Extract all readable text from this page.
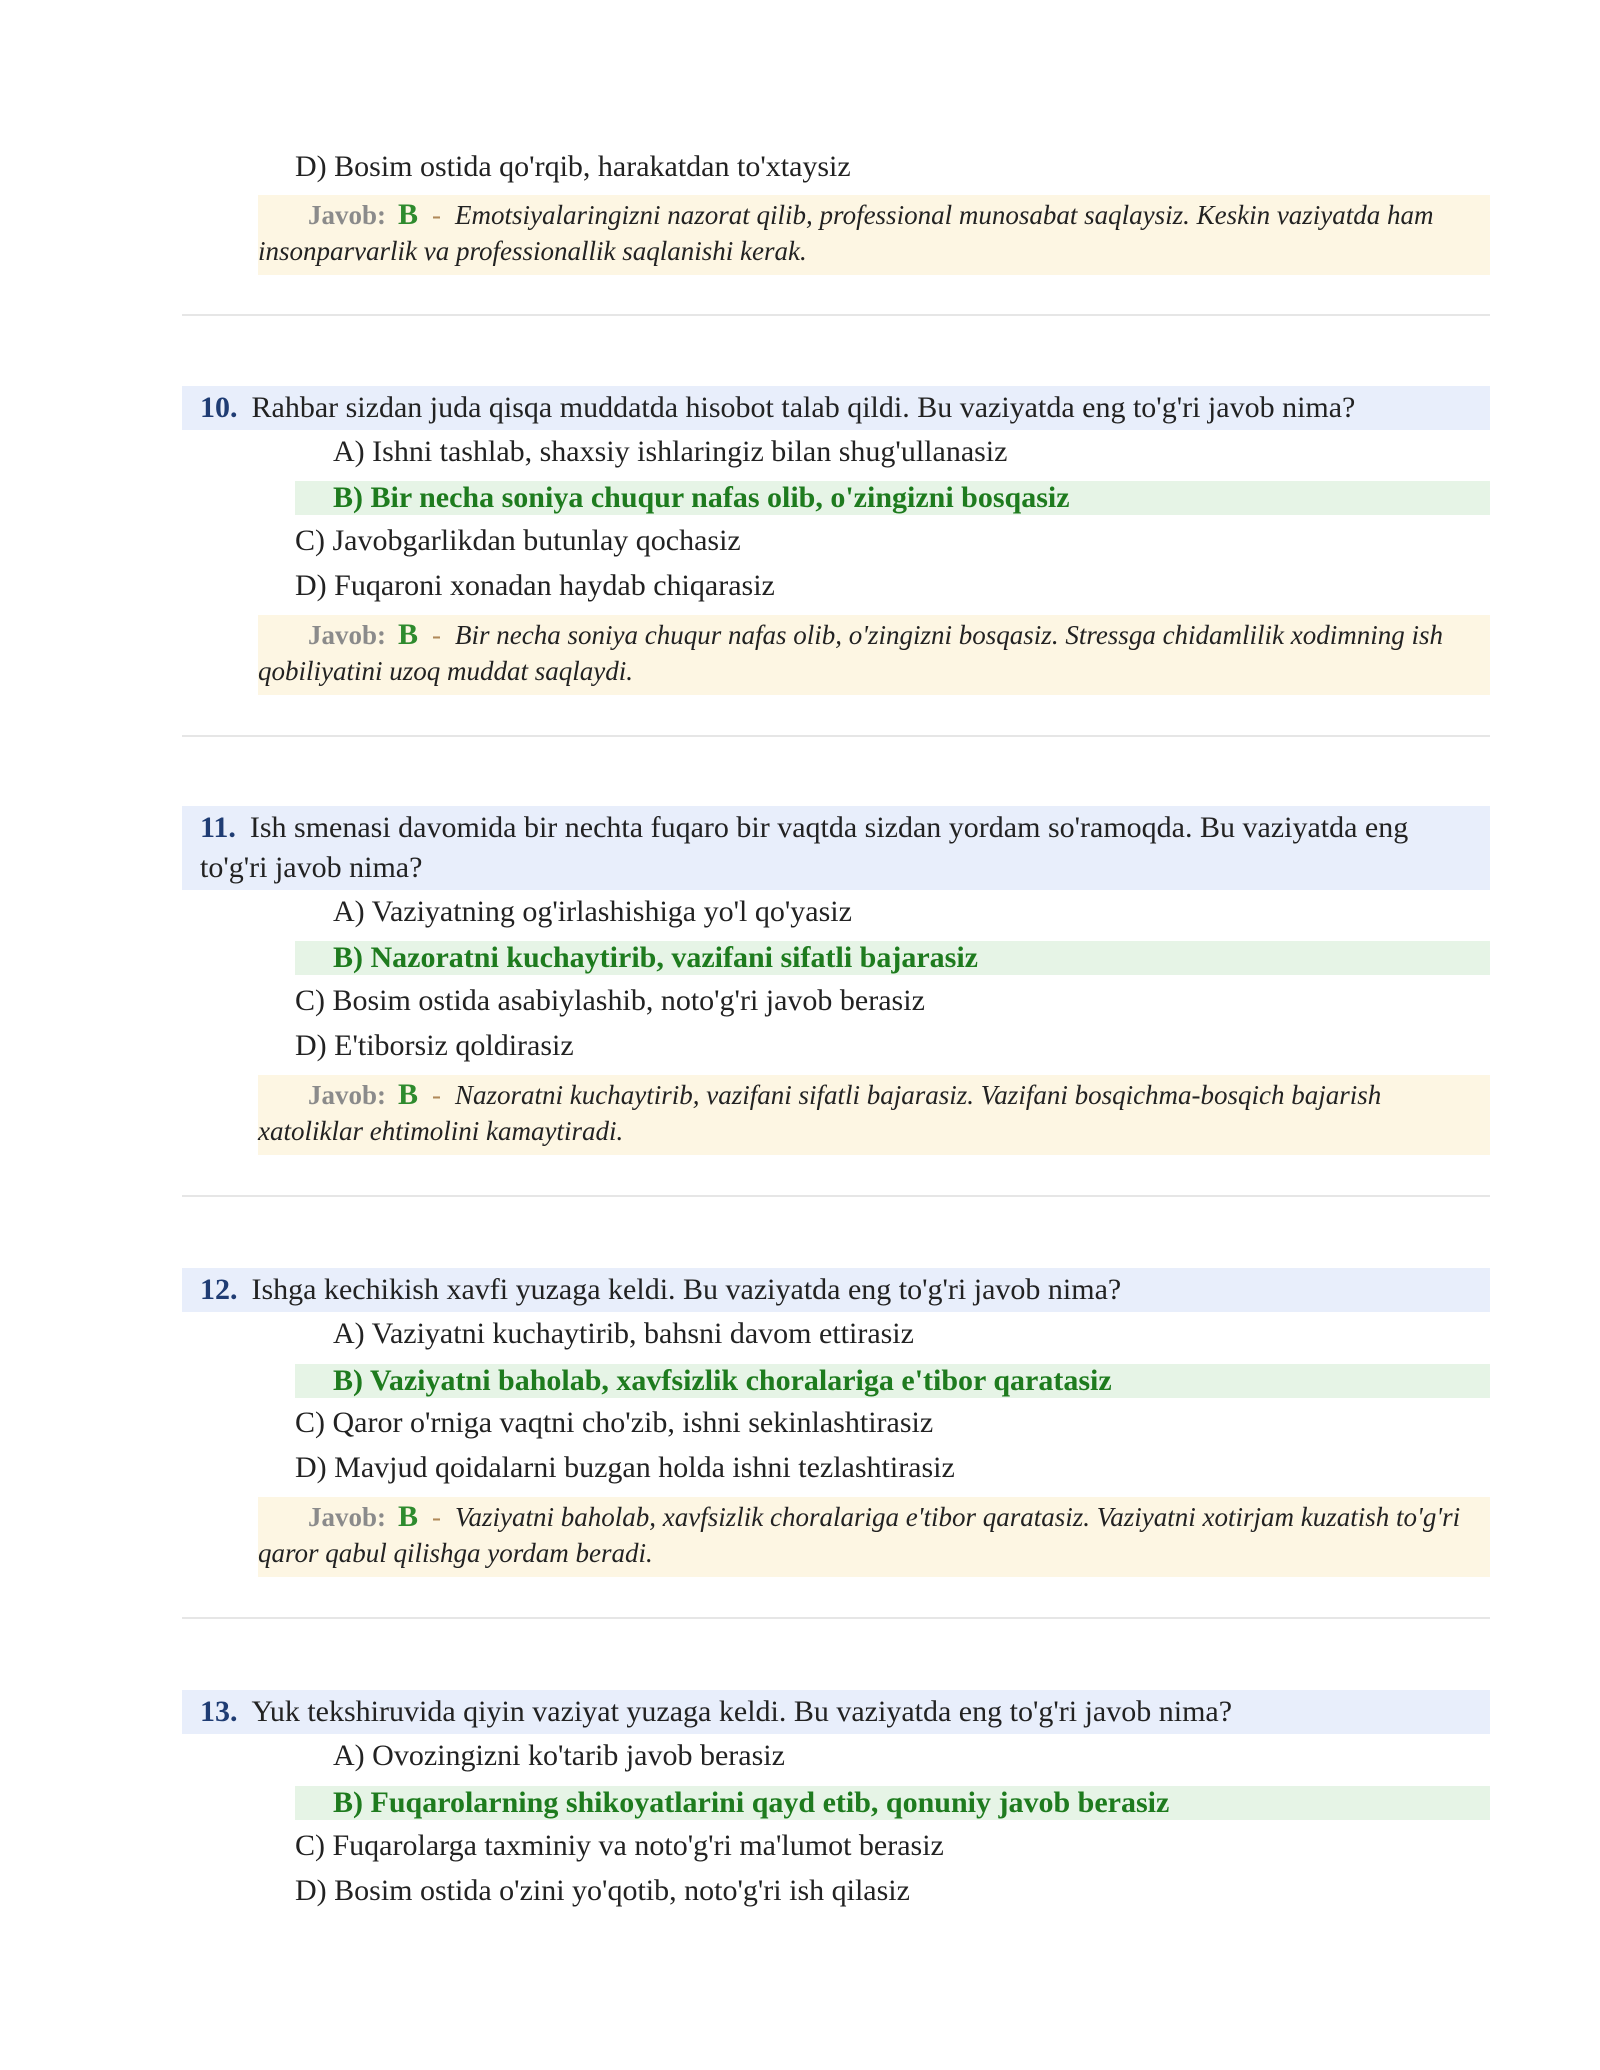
D) Bosim ostida qo'rqib, harakatdan to'xtaysiz
Javob: B - Emotsiyalaringizni nazorat qilib, professional munosabat saqlaysiz. Keskin vaziyatda ham insonparvarlik va professionallik saqlanishi kerak.
10. Rahbar sizdan juda qisqa muddatda hisobot talab qildi. Bu vaziyatda eng to'g'ri javob nima?
A) Ishni tashlab, shaxsiy ishlaringiz bilan shug'ullanasiz
B) Bir necha soniya chuqur nafas olib, o'zingizni bosqasiz
C) Javobgarlikdan butunlay qochasiz
D) Fuqaroni xonadan haydab chiqarasiz
Javob: B - Bir necha soniya chuqur nafas olib, o'zingizni bosqasiz. Stressga chidamlilik xodimning ish qobiliyatini uzoq muddat saqlaydi.
11. Ish smenasi davomida bir nechta fuqaro bir vaqtda sizdan yordam so'ramoqda. Bu vaziyatda eng to'g'ri javob nima?
A) Vaziyatning og'irlashishiga yo'l qo'yasiz
B) Nazoratni kuchaytirib, vazifani sifatli bajarasiz
C) Bosim ostida asabiylashib, noto'g'ri javob berasiz
D) E'tiborsiz qoldirasiz
Javob: B - Nazoratni kuchaytirib, vazifani sifatli bajarasiz. Vazifani bosqichma-bosqich bajarish xatoliklar ehtimolini kamaytiradi.
12. Ishga kechikish xavfi yuzaga keldi. Bu vaziyatda eng to'g'ri javob nima?
A) Vaziyatni kuchaytirib, bahsni davom ettirasiz
B) Vaziyatni baholab, xavfsizlik choralariga e'tibor qaratasiz
C) Qaror o'rniga vaqtni cho'zib, ishni sekinlashtirasiz
D) Mavjud qoidalarni buzgan holda ishni tezlashtirasiz
Javob: B - Vaziyatni baholab, xavfsizlik choralariga e'tibor qaratasiz. Vaziyatni xotirjam kuzatish to'g'ri qaror qabul qilishga yordam beradi.
13. Yuk tekshiruvida qiyin vaziyat yuzaga keldi. Bu vaziyatda eng to'g'ri javob nima?
A) Ovozingizni ko'tarib javob berasiz
B) Fuqarolarning shikoyatlarini qayd etib, qonuniy javob berasiz
C) Fuqarolarga taxminiy va noto'g'ri ma'lumot berasiz
D) Bosim ostida o'zini yo'qotib, noto'g'ri ish qilasiz
